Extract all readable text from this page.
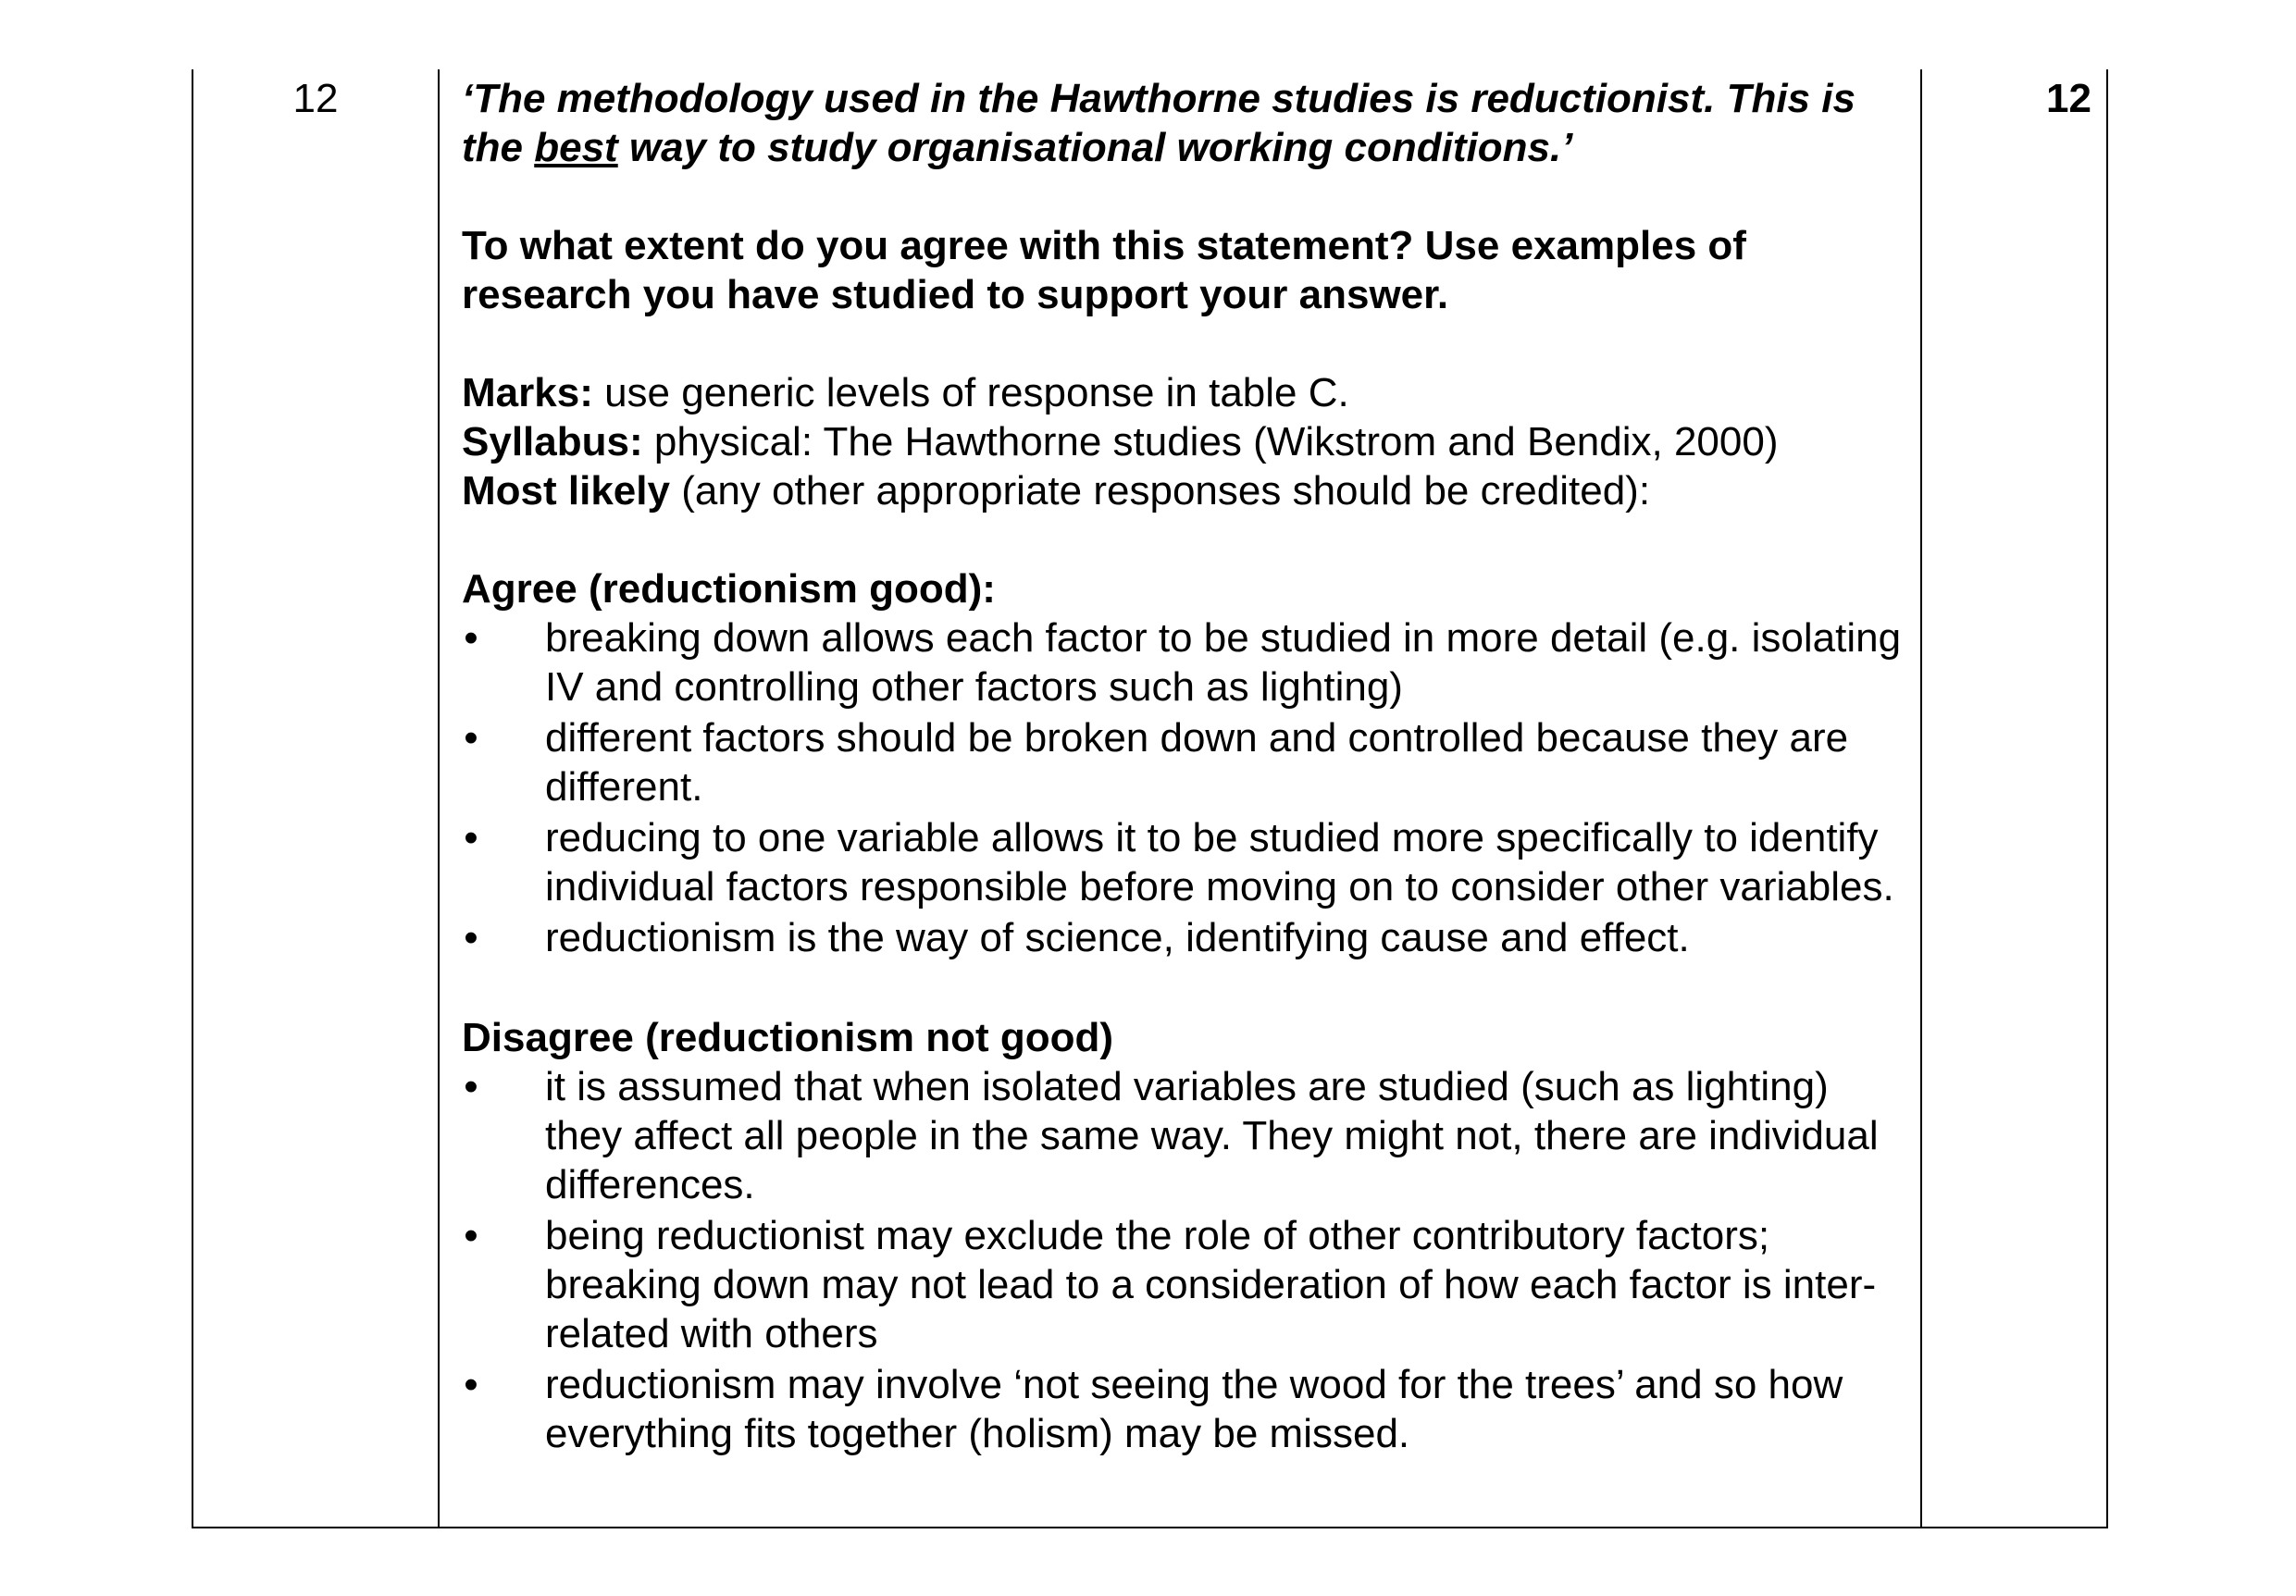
12	‘The methodology used in the Hawthorne studies is reductionist. This is the best way to study organisational working conditions.’

To what extent do you agree with this statement? Use examples of research you have studied to support your answer.

Marks: use generic levels of response in table C.

Syllabus: physical: The Hawthorne studies (Wikstrom and Bendix, 2000)

Most likely (any other appropriate responses should be credited):

Agree (reductionism good):

• breaking down allows each factor to be studied in more detail (e.g. isolating IV and controlling other factors such as lighting)
• different factors should be broken down and controlled because they are different.
• reducing to one variable allows it to be studied more specifically to identify individual factors responsible before moving on to consider other variables.
• reductionism is the way of science, identifying cause and effect.

Disagree (reductionism not good)

• it is assumed that when isolated variables are studied (such as lighting) they affect all people in the same way. They might not, there are individual differences.
• being reductionist may exclude the role of other contributory factors; breaking down may not lead to a consideration of how each factor is inter-related with others
• reductionism may involve ‘not seeing the wood for the trees’ and so how everything fits together (holism) may be missed.
12
